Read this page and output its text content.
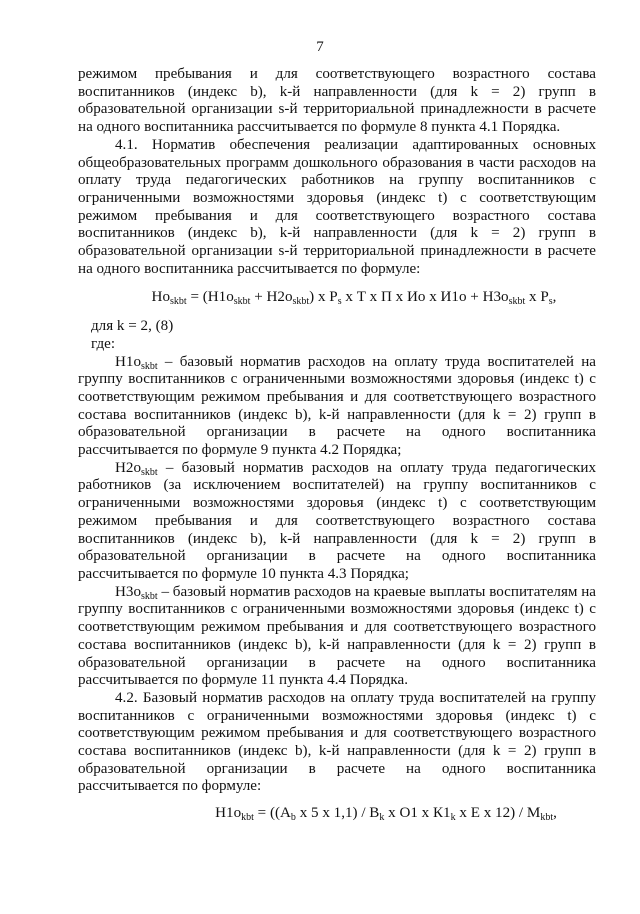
7

режимом пребывания и для соответствующего возрастного состава воспитанников (индекс b), k-й направленности (для k = 2) групп в образовательной организации s-й территориальной принадлежности в расчете на одного воспитанника рассчитывается по формуле 8 пункта 4.1 Порядка.

4.1. Норматив обеспечения реализации адаптированных основных общеобразовательных программ дошкольного образования в части расходов на оплату труда педагогических работников на группу воспитанников с ограниченными возможностями здоровья (индекс t) с соответствующим режимом пребывания и для соответствующего возрастного состава воспитанников (индекс b), k-й направленности (для k = 2) групп в образовательной организации s-й территориальной принадлежности в расчете на одного воспитанника рассчитывается по формуле:

$Но_{skbt} = (Н1о_{skbt} + Н2о_{skbt})$ х $P_s$ х Т х П х Ио х $И1о + Н3о_{skbt}$ х $P_s$,

для k = 2, (8)

где:

$Н1о_{skbt}$ – базовый норматив расходов на оплату труда воспитателей на группу воспитанников с ограниченными возможностями здоровья (индекс t) с соответствующим режимом пребывания и для соответствующего возрастного состава воспитанников (индекс b), k-й направленности (для k = 2) групп в образовательной организации в расчете на одного воспитанника рассчитывается по формуле 9 пункта 4.2 Порядка;

$Н2о_{skbt}$ – базовый норматив расходов на оплату труда педагогических работников (за исключением воспитателей) на группу воспитанников с ограниченными возможностями здоровья (индекс t) с соответствующим режимом пребывания и для соответствующего возрастного состава воспитанников (индекс b), k-й направленности (для k = 2) групп в образовательной организации в расчете на одного воспитанника рассчитывается по формуле 10 пункта 4.3 Порядка;

$Н3о_{skbt}$ – базовый норматив расходов на краевые выплаты воспитателям на группу воспитанников с ограниченными возможностями здоровья (индекс t) с соответствующим режимом пребывания и для соответствующего возрастного состава воспитанников (индекс b), k-й направленности (для k = 2) групп в образовательной организации в расчете на одного воспитанника рассчитывается по формуле 11 пункта 4.4 Порядка.

4.2. Базовый норматив расходов на оплату труда воспитателей на группу воспитанников с ограниченными возможностями здоровья (индекс t) с соответствующим режимом пребывания и для соответствующего возрастного состава воспитанников (индекс b), k-й направленности (для k = 2) групп в образовательной организации в расчете на одного воспитанника рассчитывается по формуле:

$Н1о_{kbt} = ((А_b$ х 5 х $1,1) / В_k$ х О1 х $К1_k$ х Е х $12) / М_{kbt}$,
